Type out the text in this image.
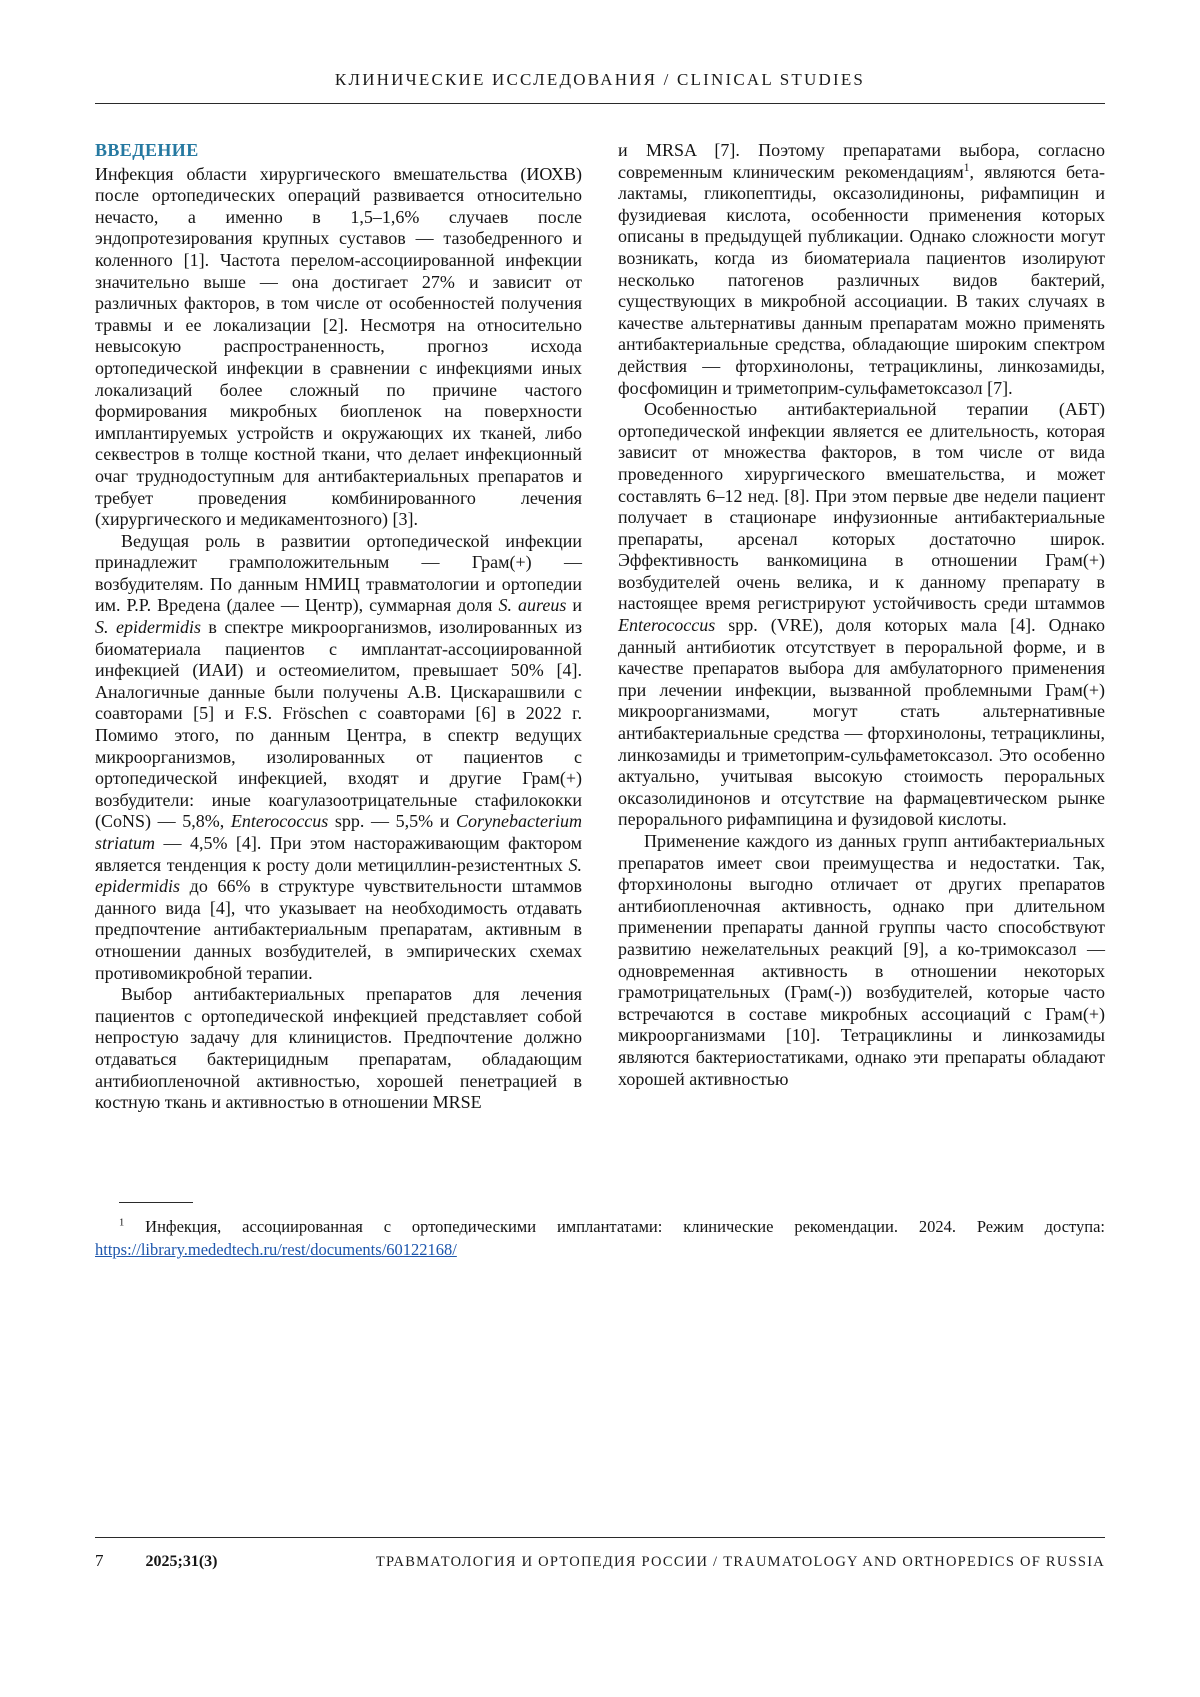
КЛИНИЧЕСКИЕ ИССЛЕДОВАНИЯ / CLINICAL STUDIES
ВВЕДЕНИЕ

Инфекция области хирургического вмешательства (ИОХВ) после ортопедических операций развивается относительно нечасто, а именно в 1,5–1,6% случаев после эндопротезирования крупных суставов — тазобедренного и коленного [1]. Частота перелом-ассоциированной инфекции значительно выше — она достигает 27% и зависит от различных факторов, в том числе от особенностей получения травмы и ее локализации [2]. Несмотря на относительно невысокую распространенность, прогноз исхода ортопедической инфекции в сравнении с инфекциями иных локализаций более сложный по причине частого формирования микробных биопленок на поверхности имплантируемых устройств и окружающих их тканей, либо секвестров в толще костной ткани, что делает инфекционный очаг труднодоступным для антибактериальных препаратов и требует проведения комбинированного лечения (хирургического и медикаментозного) [3].

Ведущая роль в развитии ортопедической инфекции принадлежит грамположительным — Грам(+) — возбудителям. По данным НМИЦ травматологии и ортопедии им. Р.Р. Вредена (далее — Центр), суммарная доля S. aureus и S. epidermidis в спектре микроорганизмов, изолированных из биоматериала пациентов с имплантат-ассоциированной инфекцией (ИАИ) и остеомиелитом, превышает 50% [4]. Аналогичные данные были получены А.В. Цискарашвили с соавторами [5] и F.S. Fröschen с соавторами [6] в 2022 г. Помимо этого, по данным Центра, в спектр ведущих микроорганизмов, изолированных от пациентов с ортопедической инфекцией, входят и другие Грам(+) возбудители: иные коагулазоотрицательные стафилококки (CoNS) — 5,8%, Enterococcus spp. — 5,5% и Corynebacterium striatum — 4,5% [4]. При этом настораживающим фактором является тенденция к росту доли метициллин-резистентных S. epidermidis до 66% в структуре чувствительности штаммов данного вида [4], что указывает на необходимость отдавать предпочтение антибактериальным препаратам, активным в отношении данных возбудителей, в эмпирических схемах противомикробной терапии.

Выбор антибактериальных препаратов для лечения пациентов с ортопедической инфекцией представляет собой непростую задачу для клиницистов. Предпочтение должно отдаваться бактерицидным препаратам, обладающим антибиопленочной активностью, хорошей пенетрацией в костную ткань и активностью в отношении MRSE

и MRSA [7]. Поэтому препаратами выбора, согласно современным клиническим рекомендациям$^1$, являются бета-лактамы, гликопептиды, оксазолидиноны, рифампицин и фузидиевая кислота, особенности применения которых описаны в предыдущей публикации. Однако сложности могут возникать, когда из биоматериала пациентов изолируют несколько патогенов различных видов бактерий, существующих в микробной ассоциации. В таких случаях в качестве альтернативы данным препаратам можно применять антибактериальные средства, обладающие широким спектром действия — фторхинолоны, тетрациклины, линкозамиды, фосфомицин и триметоприм-сульфаметоксазол [7].

Особенностью антибактериальной терапии (АБТ) ортопедической инфекции является ее длительность, которая зависит от множества факторов, в том числе от вида проведенного хирургического вмешательства, и может составлять 6–12 нед. [8]. При этом первые две недели пациент получает в стационаре инфузионные антибактериальные препараты, арсенал которых достаточно широк. Эффективность ванкомицина в отношении Грам(+) возбудителей очень велика, и к данному препарату в настоящее время регистрируют устойчивость среди штаммов Enterococcus spp. (VRE), доля которых мала [4]. Однако данный антибиотик отсутствует в пероральной форме, и в качестве препаратов выбора для амбулаторного применения при лечении инфекции, вызванной проблемными Грам(+) микроорганизмами, могут стать альтернативные антибактериальные средства — фторхинолоны, тетрациклины, линкозамиды и триметоприм-сульфаметоксазол. Это особенно актуально, учитывая высокую стоимость пероральных оксазолидинонов и отсутствие на фармацевтическом рынке перорального рифампицина и фузидовой кислоты.

Применение каждого из данных групп антибактериальных препаратов имеет свои преимущества и недостатки. Так, фторхинолоны выгодно отличает от других препаратов антибиопленочная активность, однако при длительном применении препараты данной группы часто способствуют развитию нежелательных реакций [9], а ко-тримоксазол — одновременная активность в отношении некоторых грамотрицательных (Грам(-)) возбудителей, которые часто встречаются в составе микробных ассоциаций с Грам(+) микроорганизмами [10]. Тетрациклины и линкозамиды являются бактериостатиками, однако эти препараты обладают хорошей активностью

$^1$ Инфекция, ассоциированная с ортопедическими имплантатами: клинические рекомендации. 2024. Режим доступа: https://library.mededtech.ru/rest/documents/60122168/

7	2025;31(3)	ТРАВМАТОЛОГИЯ И ОРТОПЕДИЯ РОССИИ / TRAUMATOLOGY AND ORTHOPEDICS OF RUSSIA
